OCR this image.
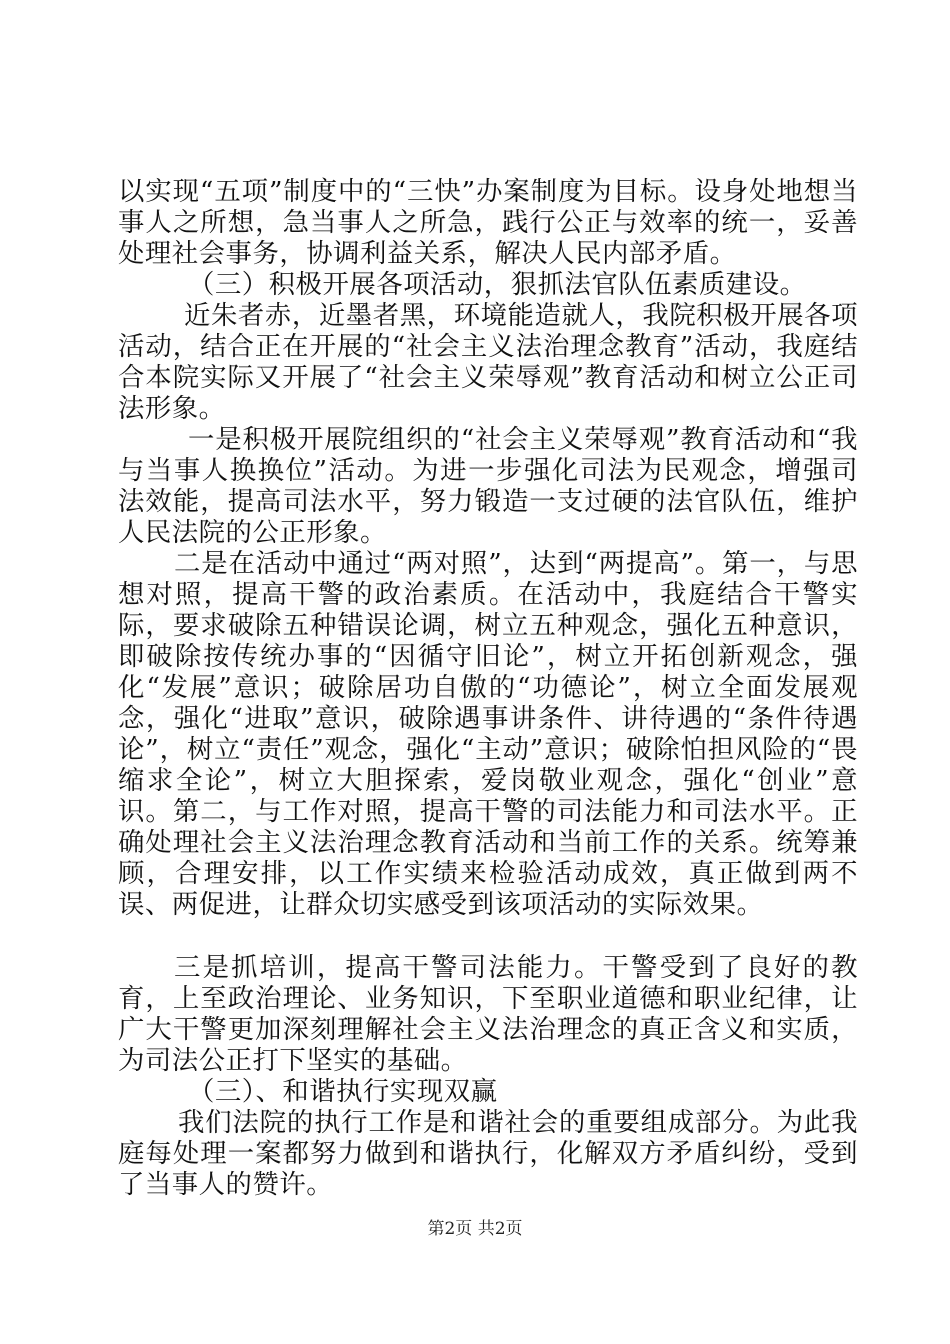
以实现“五项”制度中的“三快”办案制度为目标。设身处地想当事人之所想，急当事人之所急，践行公正与效率的统一，妥善处理社会事务，协调利益关系，解决人民内部矛盾。

（三）积极开展各项活动，狠抓法官队伍素质建设。

近朱者赤，近墨者黑，环境能造就人，我院积极开展各项活动，结合正在开展的“社会主义法治理念教育”活动，我庭结合本院实际又开展了“社会主义荣辱观”教育活动和树立公正司法形象。

一是积极开展院组织的“社会主义荣辱观”教育活动和“我与当事人换换位”活动。为进一步强化司法为民观念，增强司法效能，提高司法水平，努力锻造一支过硬的法官队伍，维护人民法院的公正形象。

二是在活动中通过“两对照”，达到“两提高”。第一，与思想对照，提高干警的政治素质。在活动中，我庭结合干警实际，要求破除五种错误论调，树立五种观念，强化五种意识，即破除按传统办事的“因循守旧论”，树立开拓创新观念，强化“发展”意识；破除居功自傲的“功德论”，树立全面发展观念，强化“进取”意识，破除遇事讲条件、讲待遇的“条件待遇论”，树立“责任”观念，强化“主动”意识；破除怕担风险的“畏缩求全论”，树立大胆探索，爱岗敬业观念，强化“创业”意识。第二，与工作对照，提高干警的司法能力和司法水平。正确处理社会主义法治理念教育活动和当前工作的关系。统筹兼顾，合理安排，以工作实绩来检验活动成效，真正做到两不误、两促进，让群众切实感受到该项活动的实际效果。

三是抓培训，提高干警司法能力。干警受到了良好的教育，上至政治理论、业务知识，下至职业道德和职业纪律，让广大干警更加深刻理解社会主义法治理念的真正含义和实质，为司法公正打下坚实的基础。

（三）、和谐执行实现双赢

我们法院的执行工作是和谐社会的重要组成部分。为此我庭每处理一案都努力做到和谐执行，化解双方矛盾纠纷，受到了当事人的赞许。

第2页 共2页
